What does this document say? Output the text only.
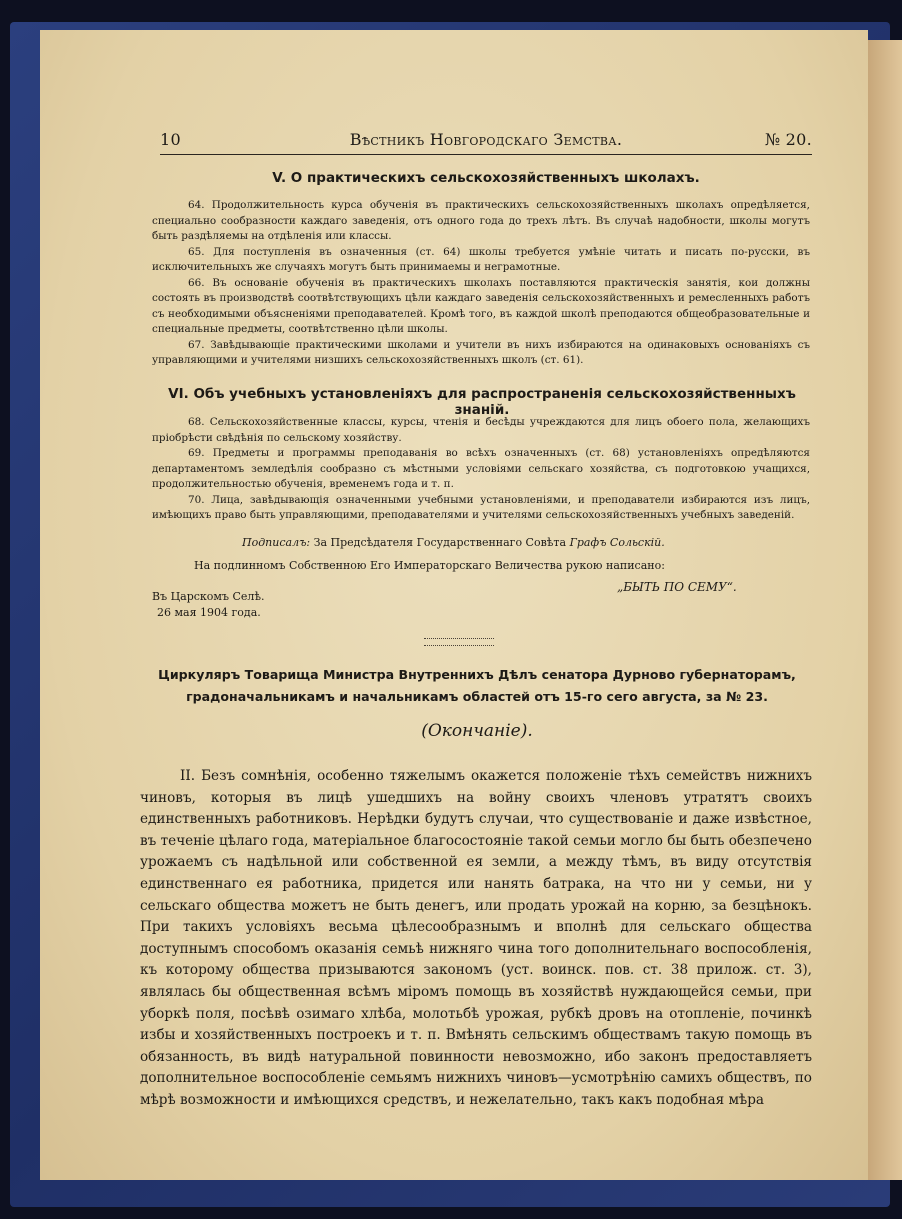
10	Вѣстникъ Новгородскаго Земства.	№ 20.
V. О практическихъ сельскохозяйственныхъ школахъ.

64. Продолжительность курса обученія въ практическихъ сельскохозяйственныхъ школахъ опредѣляется, специально сообразности каждаго заведенія, отъ одного года до трехъ лѣтъ. Въ случаѣ надобности, школы могутъ быть раздѣляемы на отдѣленія или классы.

65. Для поступленія въ означенныя (ст. 64) школы требуется умѣніе читать и писать по-русски, въ исключительныхъ же случаяхъ могутъ быть принимаемы и неграмотные.

66. Въ основаніе обученія въ практическихъ школахъ поставляются практическія занятія, кои должны состоять въ производствѣ соотвѣтствующихъ цѣли каждаго заведенія сельскохозяйственныхъ и ремесленныхъ работъ съ необходимыми объясненіями преподавателей. Кромѣ того, въ каждой школѣ преподаются общеобразовательные и специальные предметы, соотвѣтственно цѣли школы.

67. Завѣдывающіе практическими школами и учители въ нихъ избираются на одинаковыхъ основаніяхъ съ управляющими и учителями низшихъ сельскохозяйственныхъ школъ (ст. 61).

VI. Объ учебныхъ установленіяхъ для распространенія сельскохозяйственныхъ знаній.

68. Сельскохозяйственные классы, курсы, чтенія и бесѣды учреждаются для лицъ обоего пола, желающихъ пріобрѣсти свѣдѣнія по сельскому хозяйству.

69. Предметы и программы преподаванія во всѣхъ означенныхъ (ст. 68) установленіяхъ опредѣляются департаментомъ земледѣлія сообразно съ мѣстными условіями сельскаго хозяйства, съ подготовкою учащихся, продолжительностью обученія, временемъ года и т. п.

70. Лица, завѣдывающія означенными учебными установленіями, и преподаватели избираются изъ лицъ, имѣющихъ право быть управляющими, преподавателями и учителями сельскохозяйственныхъ учебныхъ заведеній.

Подписалъ: За Предсѣдателя Государственнаго Совѣта Графъ Сольскій.
На подлинномъ Собственною Его Императорскаго Величества рукою написано:
„БЫТЬ ПО СЕМУ“.
Въ Царскомъ Селѣ.
26 мая 1904 года.
Циркуляръ Товарища Министра Внутреннихъ Дѣлъ сенатора Дурново губернаторамъ, градоначальникамъ и начальникамъ областей отъ 15-го сего августа, за № 23.
(Окончаніе).

II. Безъ сомнѣнія, особенно тяжелымъ окажется положеніе тѣхъ семействъ нижнихъ чиновъ, которыя въ лицѣ ушедшихъ на войну своихъ членовъ утратятъ своихъ единственныхъ работниковъ. Нерѣдки будутъ случаи, что существованіе и даже извѣстное, въ теченіе цѣлаго года, матеріальное благосостояніе такой семьи могло бы быть обезпечено урожаемъ съ надѣльной или собственной ея земли, а между тѣмъ, въ виду отсутствія единственнаго ея работника, придется или нанять батрака, на что ни у семьи, ни у сельскаго общества можетъ не быть денегъ, или продать урожай на корню, за безцѣнокъ. При такихъ условіяхъ весьма цѣлесообразнымъ и вполнѣ для сельскаго общества доступнымъ способомъ оказанія семьѣ нижняго чина того дополнительнаго воспособленія, къ которому общества призываются закономъ (уст. воинск. пов. ст. 38 прилож. ст. 3), являлась бы общественная всѣмъ міромъ помощь въ хозяйствѣ нуждающейся семьи, при уборкѣ поля, посѣвѣ озимаго хлѣба, молотьбѣ урожая, рубкѣ дровъ на отопленіе, починкѣ избы и хозяйственныхъ построекъ и т. п. Вмѣнять сельскимъ обществамъ такую помощь въ обязанность, въ видѣ натуральной повинности невозможно, ибо законъ предоставляетъ дополнительное воспособленіе семьямъ нижнихъ чиновъ—усмотрѣнію самихъ обществъ, по мѣрѣ возможности и имѣющихся средствъ, и нежелательно, такъ какъ подобная мѣра
